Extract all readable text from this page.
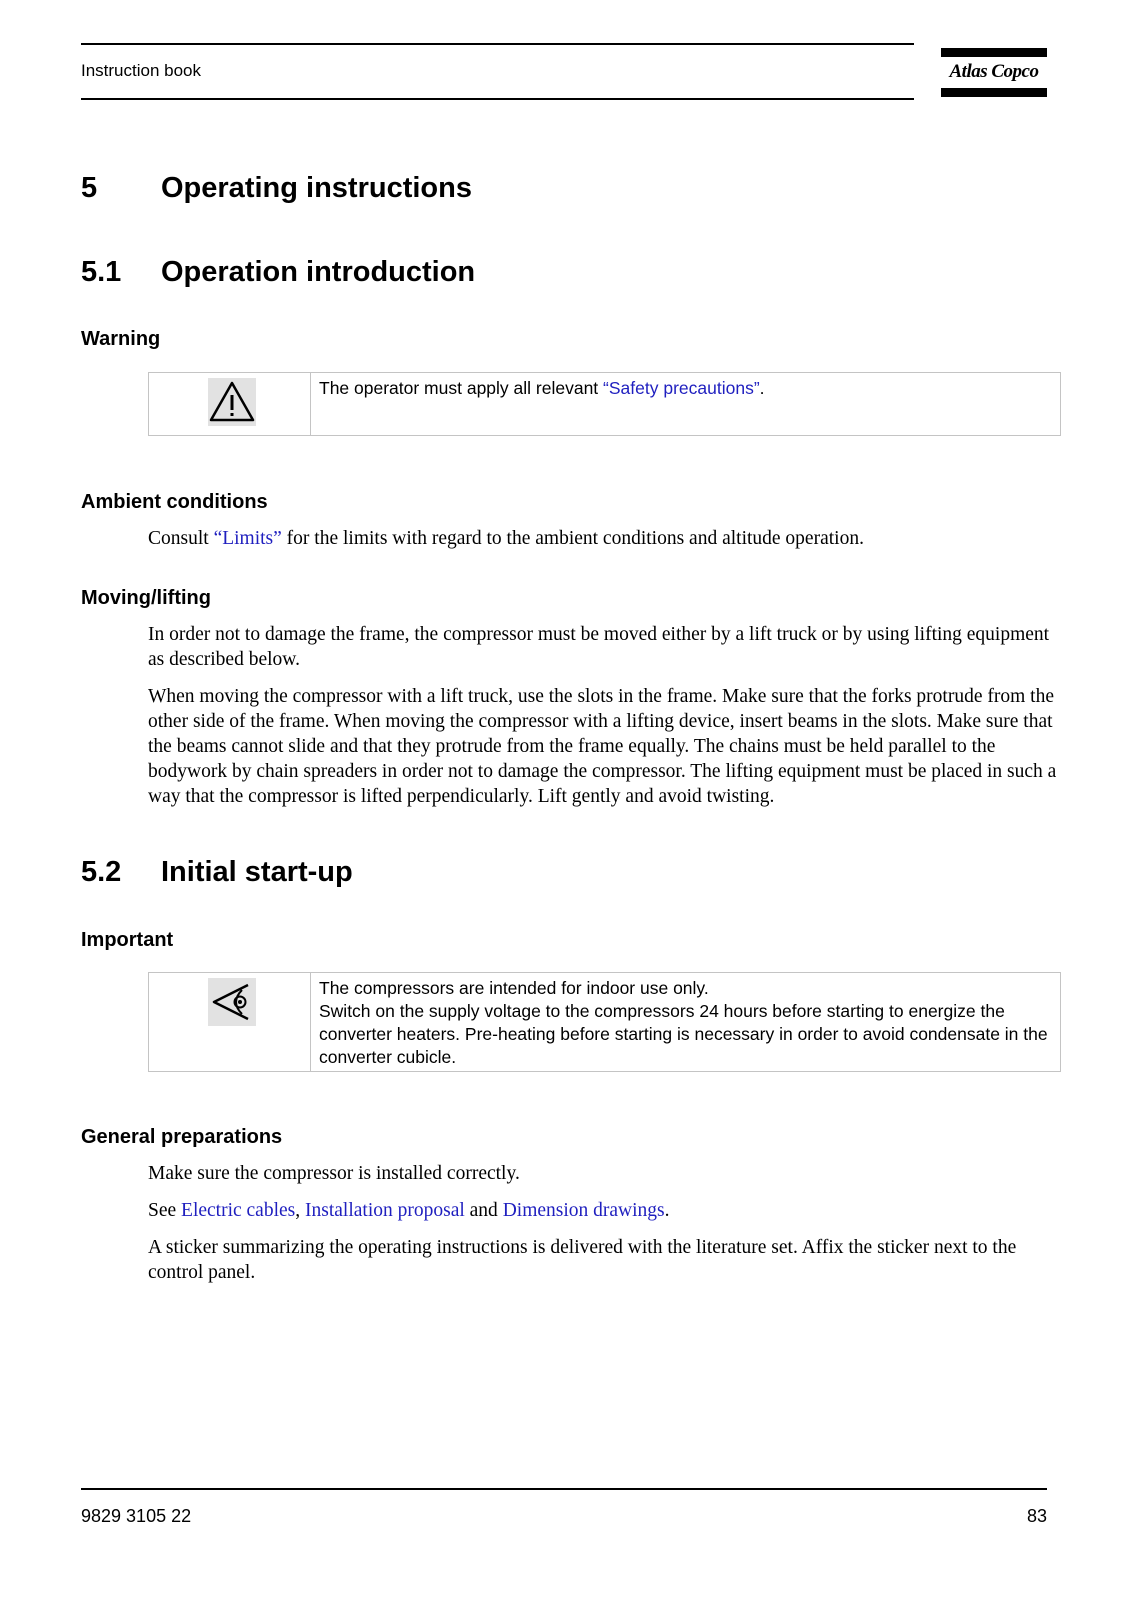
Instruction book	Atlas Copco
5 Operating instructions
5.1 Operation introduction
Warning
The operator must apply all relevant “Safety precautions”.
Ambient conditions
Consult “Limits” for the limits with regard to the ambient conditions and altitude operation.
Moving/lifting
In order not to damage the frame, the compressor must be moved either by a lift truck or by using lifting equipment as described below.
When moving the compressor with a lift truck, use the slots in the frame. Make sure that the forks protrude from the other side of the frame. When moving the compressor with a lifting device, insert beams in the slots. Make sure that the beams cannot slide and that they protrude from the frame equally. The chains must be held parallel to the bodywork by chain spreaders in order not to damage the compressor. The lifting equipment must be placed in such a way that the compressor is lifted perpendicularly. Lift gently and avoid twisting.
5.2 Initial start-up
Important
The compressors are intended for indoor use only.
Switch on the supply voltage to the compressors 24 hours before starting to energize the converter heaters. Pre-heating before starting is necessary in order to avoid condensate in the converter cubicle.
General preparations
Make sure the compressor is installed correctly.
See Electric cables, Installation proposal and Dimension drawings.
A sticker summarizing the operating instructions is delivered with the literature set. Affix the sticker next to the control panel.
9829 3105 22	83
